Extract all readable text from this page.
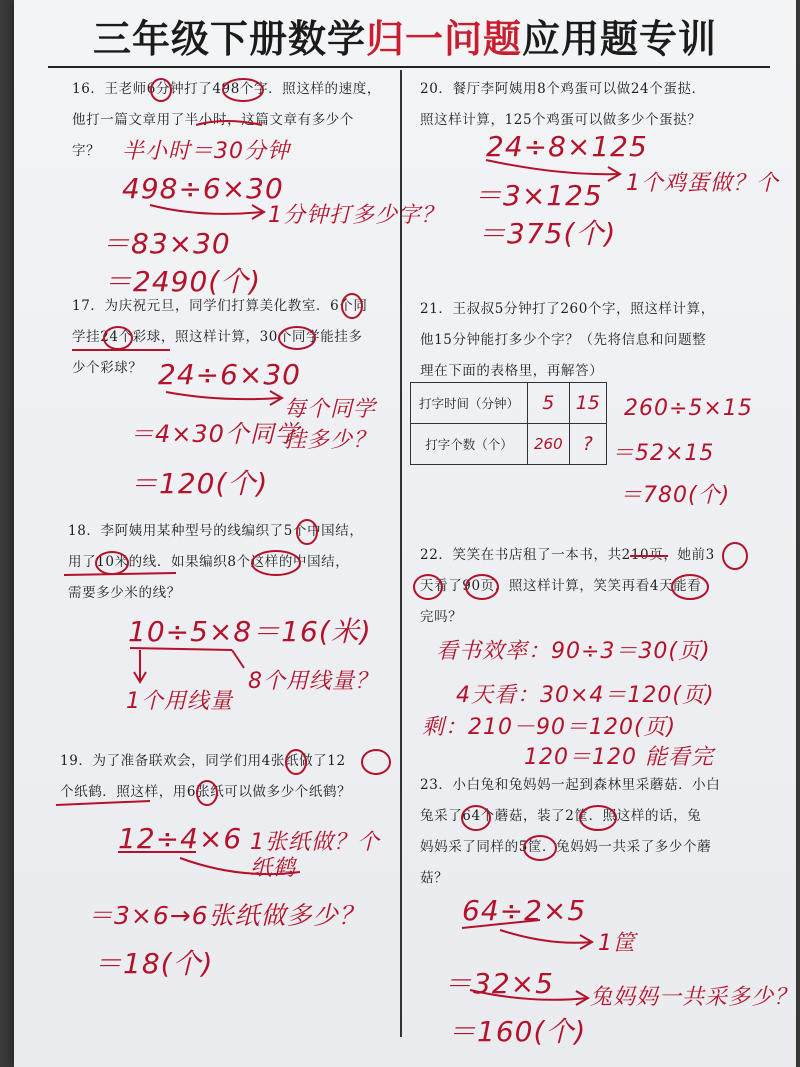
三年级下册数学归一问题应用题专训

16．王老师6分钟打了498个字．照这样的速度，

他打一篇文章用了半小时，这篇文章有多少个

字？ 半小时＝30分钟
498÷6×30
1分钟打多少字？
＝83×30
＝2490(个)

17．为庆祝元旦，同学们打算美化教室．6个同

学挂24个彩球，照这样计算，30个同学能挂多

少个彩球？ 24÷6×30
每个同学挂多少？
＝4×30个同学
＝120(个)

18．李阿姨用某种型号的线编织了5个中国结，

用了10米的线．如果编织8个这样的中国结，

需要多少米的线？

10÷5×8＝16(米)
8个用线量？
1个用线量

19．为了准备联欢会，同学们用4张纸做了12

个纸鹤．照这样，用6张纸可以做多少个纸鹤？

12÷4×6 1张纸做？个纸鹤
＝3×6→6张纸做多少？
＝18(个)

20．餐厅李阿姨用8个鸡蛋可以做24个蛋挞．

照这样计算，125个鸡蛋可以做多少个蛋挞？

24÷8×125
1个鸡蛋做？个
＝3×125
＝375(个)

21．王叔叔5分钟打了260个字，照这样计算，

他15分钟能打多少个字？（先将信息和问题整

理在下面的表格里，再解答）

打字时间（分钟）	5	15
打字个数（个）	260	?
260÷5×15
＝52×15
＝780(个)

22．笑笑在书店租了一本书，共210页，她前3

天看了90页，照这样计算，笑笑再看4天能看

完吗？

看书效率：90÷3＝30(页)
4天看：30×4＝120(页)
剩：210－90＝120(页)
120＝120 能看完

23．小白兔和兔妈妈一起到森林里采蘑菇．小白

兔采了64个蘑菇，装了2筐．照这样的话，兔

妈妈采了同样的5筐．兔妈妈一共采了多少个蘑

菇？

64÷2×5
1筐
＝32×5 兔妈妈一共采多少？
＝160(个)
